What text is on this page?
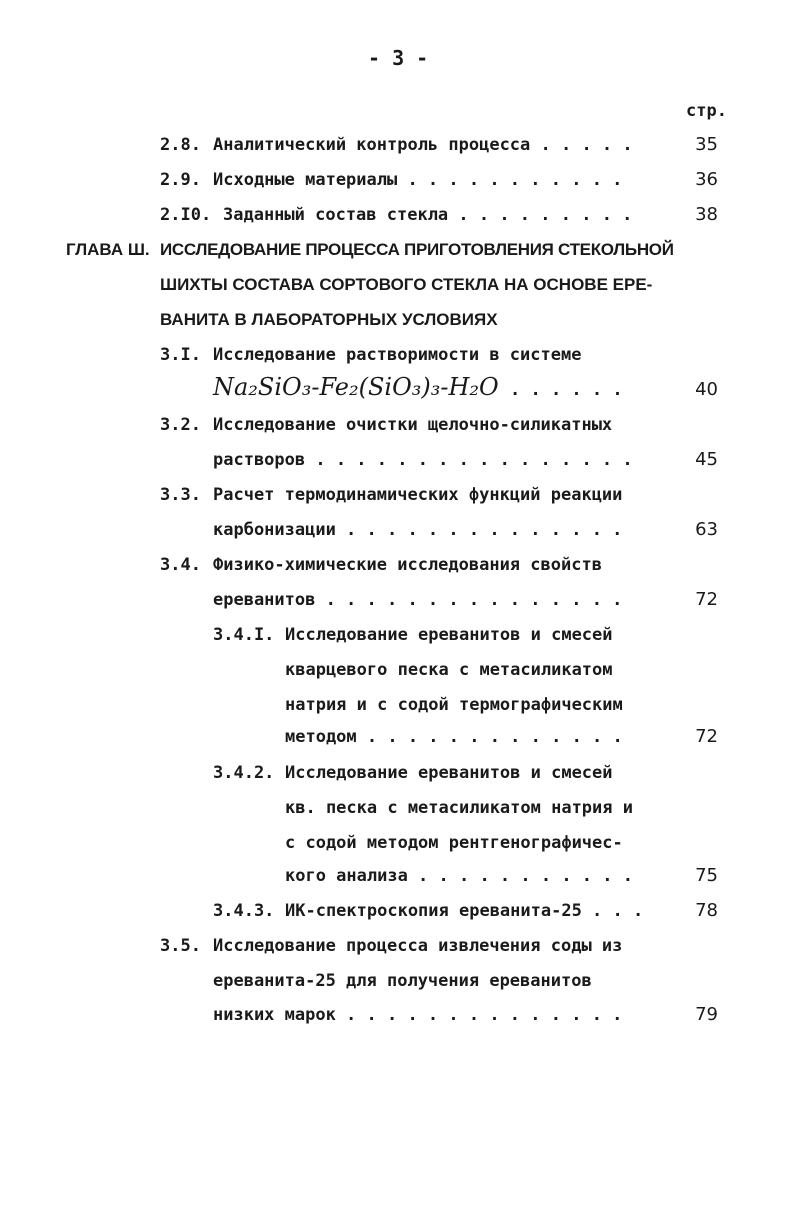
- 3 -
стр.
2.8. Аналитический контроль процесса . . . . .	35
2.9. Исходные материалы . . . . . . . . . . .	36
2.I0. Заданный состав стекла . . . . . . . . .	38
ГЛАВА Ш. ИССЛЕДОВАНИЕ ПРОЦЕССА ПРИГОТОВЛЕНИЯ СТЕКОЛЬНОЙ
ШИХТЫ СОСТАВА СОРТОВОГО СТЕКЛА НА ОСНОВЕ ЕРЕ-
ВАНИТА В ЛАБОРАТОРНЫХ УСЛОВИЯХ
3.I. Исследование растворимости в системе
Na₂SiO₃-Fe₂(SiO₃)₃-H₂O . . . . . .	40
3.2. Исследование очистки щелочно-силикатных
растворов . . . . . . . . . . . . . . . .	45
3.3. Расчет термодинамических функций реакции
карбонизации . . . . . . . . . . . . . .	63
3.4. Физико-химические исследования свойств
ереванитов . . . . . . . . . . . . . . .	72
3.4.I. Исследование ереванитов и смесей
кварцевого песка с метасиликатом
натрия и с содой термографическим
методом . . . . . . . . . . . . .	72
3.4.2. Исследование ереванитов и смесей
кв. песка с метасиликатом натрия и
с содой методом рентгенографичес-
кого анализа . . . . . . . . . . .	75
3.4.3. ИК-спектроскопия ереванита-25 . . .	78
3.5. Исследование процесса извлечения соды из
ереванита-25 для получения ереванитов
низких марок . . . . . . . . . . . . . .	79
